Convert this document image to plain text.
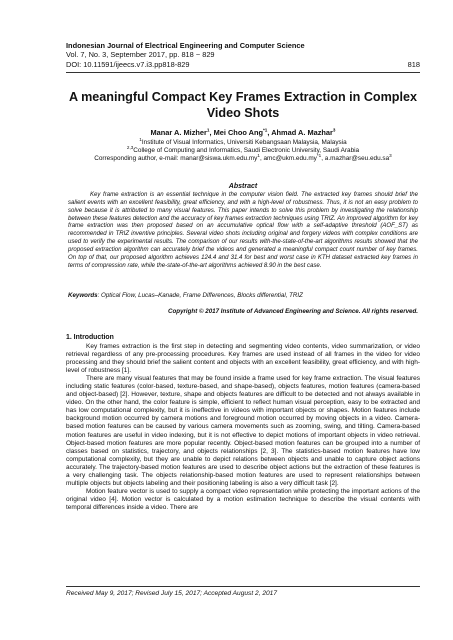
Indonesian Journal of Electrical Engineering and Computer Science
Vol. 7, No. 3, September 2017, pp. 818 ~ 829
DOI: 10.11591/ijeecs.v7.i3.pp818-829	818
A meaningful Compact Key Frames Extraction in Complex Video Shots
Manar A. Mizher$^1$, Mei Choo Ang$^{*1}$, Ahmad A. Mazhar$^3$
$^1$Institute of Visual Informatics, Universiti Kebangsaan Malaysia, Malaysia
$^{2,3}$College of Computing and Informatics, Saudi Electronic University, Saudi Arabia
Corresponding author, e-mail: $manar@siswa.ukm.edu.my^1$, $amc@ukm.edu.my^{*1}$, $a.mazhar@seu.edu.sa^3$
Abstract
Key frame extraction is an essential technique in the computer vision field. The extracted key frames should brief the salient events with an excellent feasibility, great efficiency, and with a high-level of robustness. Thus, it is not an easy problem to solve because it is attributed to many visual features. This paper intends to solve this problem by investigating the relationship between these features detection and the accuracy of key frames extraction techniques using TRIZ. An improved algorithm for key frame extraction was then proposed based on an accumulative optical flow with a self-adaptive threshold (AOF_ST) as recommended in TRIZ inventive principles. Several video shots including original and forgery videos with complex conditions are used to verify the experimental results. The comparison of our results with-the-state-of-the-art algorithms results showed that the proposed extraction algorithm can accurately brief the videos and generated a meaningful compact count number of key frames. On top of that, our proposed algorithm achieves 124.4 and 31.4 for best and worst case in KTH dataset extracted key frames in terms of compression rate, while the-state-of-the-art algorithms achieved 8.90 in the best case.
Keywords: Optical Flow, Lucas–Kanade, Frame Differences, Blocks differential, TRIZ
Copyright © 2017 Institute of Advanced Engineering and Science. All rights reserved.
1. Introduction

Key frames extraction is the first step in detecting and segmenting video contents, video summarization, or video retrieval regardless of any pre-processing procedures. Key frames are used instead of all frames in the video for video processing and they should brief the salient content and objects with an excellent feasibility, great efficiency, and with high-level of robustness [1].

There are many visual features that may be found inside a frame used for key frame extraction. The visual features including static features (color-based, texture-based, and shape-based), objects features, motion features (camera-based and object-based) [2]. However, texture, shape and objects features are difficult to be detected and not always available in video. On the other hand, the color feature is simple, efficient to reflect human visual perception, easy to be extracted and has low computational complexity, but it is ineffective in videos with important objects or shapes. Motion features include background motion occurred by camera motions and foreground motion occurred by moving objects in a video. Camera-based motion features can be caused by various camera movements such as zooming, swing, and tilting. Camera-based motion features are useful in video indexing, but it is not effective to depict motions of important objects in video retrieval. Object-based motion features are more popular recently. Object-based motion features can be grouped into a number of classes based on statistics, trajectory, and objects relationships [2, 3]. The statistics-based motion features have low computational complexity, but they are unable to depict relations between objects and unable to capture object actions accurately. The trajectory-based motion features are used to describe object actions but the extraction of these features is a very challenging task. The objects relationship-based motion features are used to represent relationships between multiple objects but objects labeling and their positioning labeling is also a very difficult task [2].

Motion feature vector is used to supply a compact video representation while protecting the important actions of the original video [4]. Motion vector is calculated by a motion estimation technique to describe the visual contents with temporal differences inside a video. There are

Received May 9, 2017; Revised July 15, 2017; Accepted August 2, 2017
